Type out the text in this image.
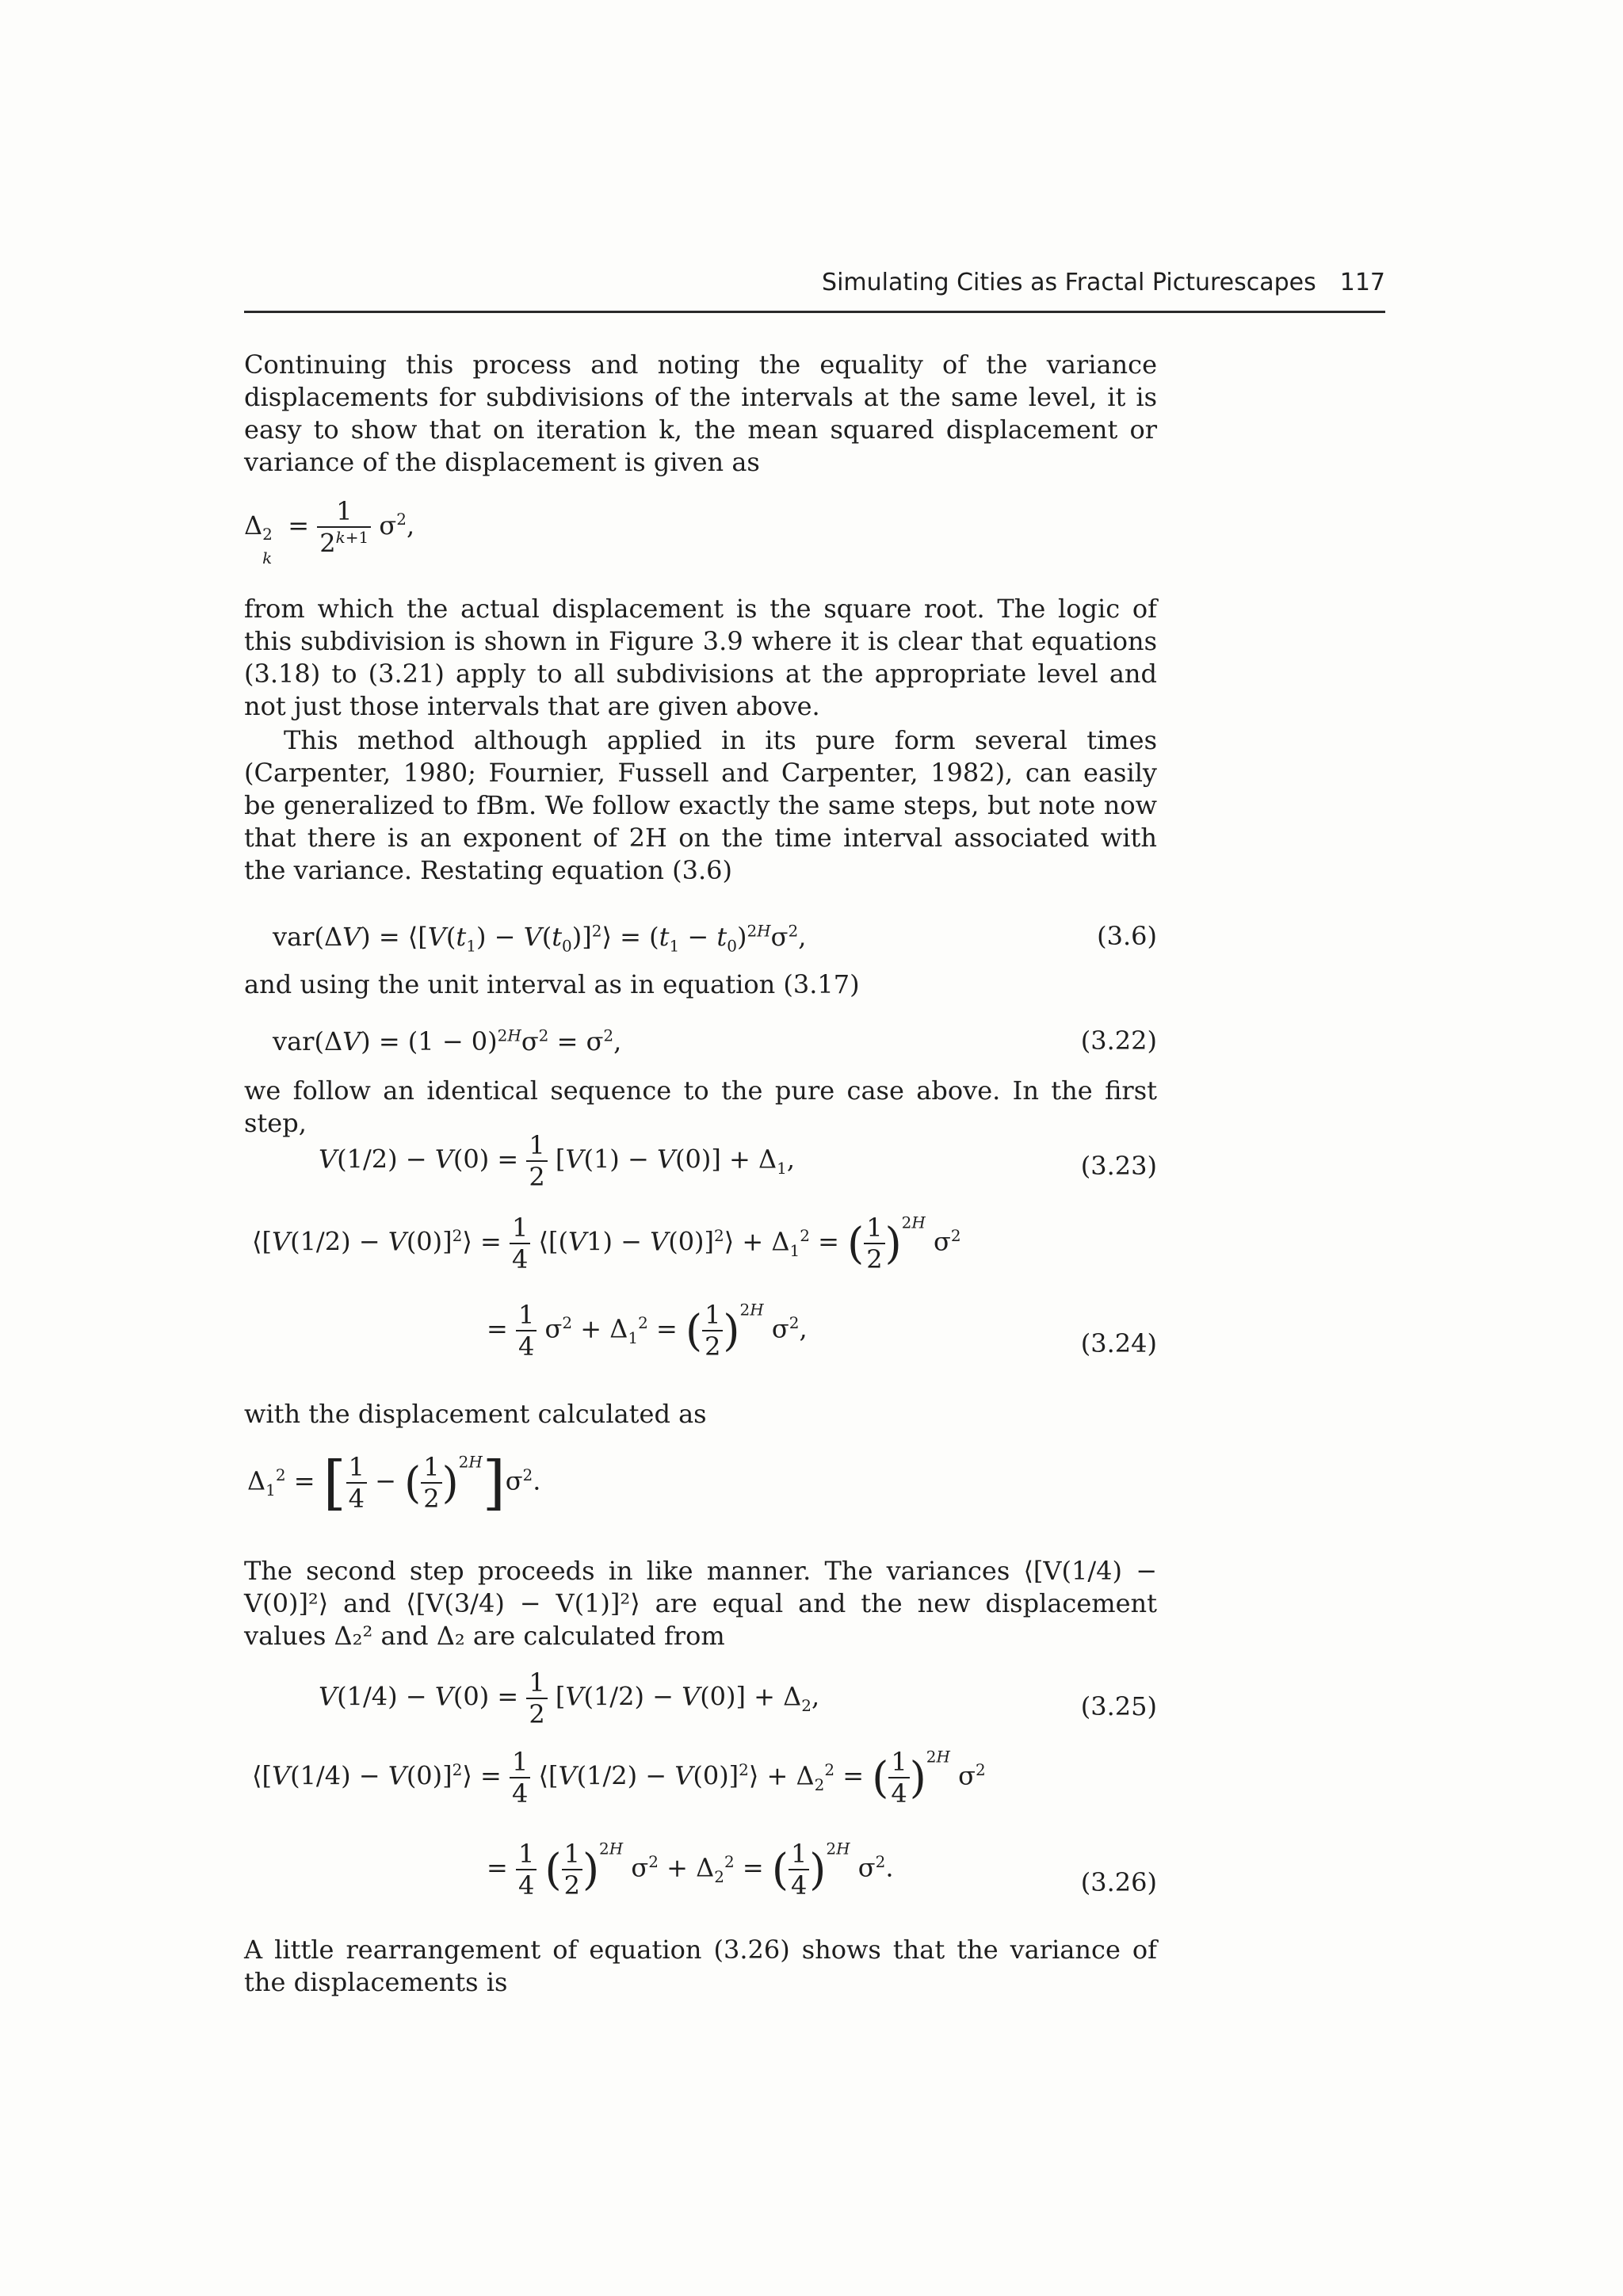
Simulating Cities as Fractal Picturescapes 117

Continuing this process and noting the equality of the variance displacements for subdivisions of the intervals at the same level, it is easy to show that on iteration k, the mean squared displacement or variance of the displacement is given as

Δ 2
k
= $\frac{1}{2^{k+1}} \sigma^2$,

from which the actual displacement is the square root. The logic of this subdivision is shown in Figure 3.9 where it is clear that equations (3.18) to (3.21) apply to all subdivisions at the appropriate level and not just those intervals that are given above.

This method although applied in its pure form several times (Carpenter, 1980; Fournier, Fussell and Carpenter, 1982), can easily be generalized to fBm. We follow exactly the same steps, but note now that there is an exponent of 2H on the time interval associated with the variance. Restating equation (3.6)

$var(\Delta V) = ⟨[V(t_1)$ − $V(t_0)]^2⟩ = (t_1 - t_0)^{2H}\sigma^2$,	(3.6)

and using the unit interval as in equation (3.17)

$var(\Delta V) = (1 - 0)^{2H}\sigma^2 = \sigma^2$,	(3.22)

we follow an identical sequence to the pure case above. In the first step,

$V(1/2) - V(0) = \frac{1}{2} [V(1) - V(0)] + \Delta_1$,	(3.23)
⟨[V(1/2) − V(0)]$^2$⟩ = $\frac{1}{4}$ ⟨[(V1) − V(0)]$^2$⟩ + $\Delta_1^2$ = ( $\frac{1}{2} )^{2H}$ $\sigma^2$
= $\frac{1}{4} \sigma^2 + \Delta_1^2$ = ( $\frac{1}{2} )^{2H}$ $\sigma^2$,	(3.24)

with the displacement calculated as

$\Delta_1^2$ = [ $\frac{1}{4}$ − ( $\frac{1}{2} )^{2H}]\sigma^2$.

The second step proceeds in like manner. The variances ⟨[V(1/4) − V(0)]²⟩ and ⟨[V(3/4) − V(1)]²⟩ are equal and the new displacement values Δ₂² and Δ₂ are calculated from

$V(1/4) - V(0) = \frac{1}{2} [V(1/2) - V(0)] + \Delta_2$,	(3.25)
⟨[V(1/4) − V(0)]$^2$⟩ = $\frac{1}{4}$ ⟨[V(1/2) − V(0)]$^2$⟩ + $\Delta_2^2$ = ( $\frac{1}{4} )^{2H}$ $\sigma^2$
= $\frac{1}{4}$ ( $\frac{1}{2} )^{2H}$ $\sigma^2 + \Delta_2^2$ = ( $\frac{1}{4} )^{2H}$ $\sigma^2$.	(3.26)

A little rearrangement of equation (3.26) shows that the variance of the displacements is
